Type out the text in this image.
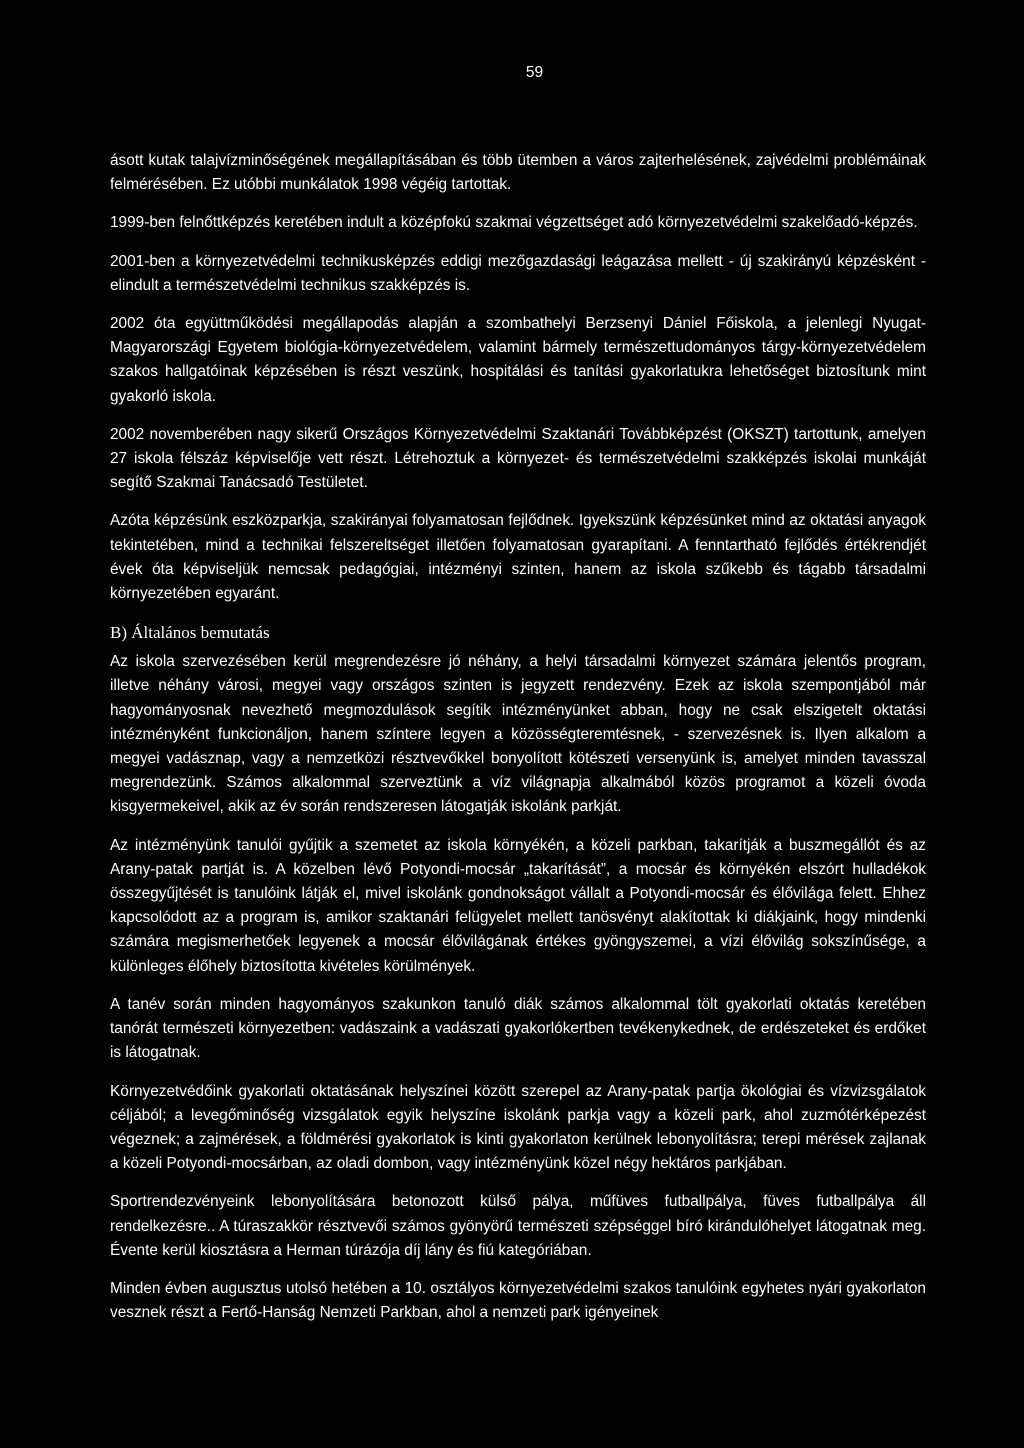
59

ásott kutak talajvízminőségének megállapításában és több ütemben a város zajterhelésének, zajvédelmi problémáinak felmérésében. Ez utóbbi munkálatok 1998 végéig tartottak.

1999-ben felnőttképzés keretében indult a középfokú szakmai végzettséget adó környezetvédelmi szakelőadó-képzés.

2001-ben a környezetvédelmi technikusképzés eddigi mezőgazdasági leágazása mellett - új szakirányú képzésként - elindult a természetvédelmi technikus szakképzés is.

2002 óta együttműködési megállapodás alapján a szombathelyi Berzsenyi Dániel Főiskola, a jelenlegi Nyugat-Magyarországi Egyetem biológia-környezetvédelem, valamint bármely természettudományos tárgy-környezetvédelem szakos hallgatóinak képzésében is részt veszünk, hospitálási és tanítási gyakorlatukra lehetőséget biztosítunk mint gyakorló iskola.

2002 novemberében nagy sikerű Országos Környezetvédelmi Szaktanári Továbbképzést (OKSZT) tartottunk, amelyen 27 iskola félszáz képviselője vett részt. Létrehoztuk a környezet- és természetvédelmi szakképzés iskolai munkáját segítő Szakmai Tanácsadó Testületet.

Azóta képzésünk eszközparkja, szakirányai folyamatosan fejlődnek. Igyekszünk képzésünket mind az oktatási anyagok tekintetében, mind a technikai felszereltséget illetően folyamatosan gyarapítani. A fenntartható fejlődés értékrendjét évek óta képviseljük nemcsak pedagógiai, intézményi szinten, hanem az iskola szűkebb és tágabb társadalmi környezetében egyaránt.

B) Általános bemutatás

Az iskola szervezésében kerül megrendezésre jó néhány, a helyi társadalmi környezet számára jelentős program, illetve néhány városi, megyei vagy országos szinten is jegyzett rendezvény. Ezek az iskola szempontjából már hagyományosnak nevezhető megmozdulások segítik intézményünket abban, hogy ne csak elszigetelt oktatási intézményként funkcionáljon, hanem színtere legyen a közösségteremtésnek, - szervezésnek is. Ilyen alkalom a megyei vadásznap, vagy a nemzetközi résztvevőkkel bonyolított kötészeti versenyünk is, amelyet minden tavasszal megrendezünk. Számos alkalommal szerveztünk a víz világnapja alkalmából közös programot a közeli óvoda kisgyermekeivel, akik az év során rendszeresen látogatják iskolánk parkját.

Az intézményünk tanulói gyűjtik a szemetet az iskola környékén, a közeli parkban, takarítják a buszmegállót és az Arany-patak partját is. A közelben lévő Potyondi-mocsár „takarítását”, a mocsár és környékén elszórt hulladékok összegyűjtését is tanulóink látják el, mivel iskolánk gondnokságot vállalt a Potyondi-mocsár és élővilága felett. Ehhez kapcsolódott az a program is, amikor szaktanári felügyelet mellett tanösvényt alakítottak ki diákjaink, hogy mindenki számára megismerhetőek legyenek a mocsár élővilágának értékes gyöngyszemei, a vízi élővilág sokszínűsége, a különleges élőhely biztosította kivételes körülmények.

A tanév során minden hagyományos szakunkon tanuló diák számos alkalommal tölt gyakorlati oktatás keretében tanórát természeti környezetben: vadászaink a vadászati gyakorlókertben tevékenykednek, de erdészeteket és erdőket is látogatnak.

Környezetvédőink gyakorlati oktatásának helyszínei között szerepel az Arany-patak partja ökológiai és vízvizsgálatok céljából; a levegőminőség vizsgálatok egyik helyszíne iskolánk parkja vagy a közeli park, ahol zuzmótérképezést végeznek; a zajmérések, a földmérési gyakorlatok is kinti gyakorlaton kerülnek lebonyolításra; terepi mérések zajlanak a közeli Potyondi-mocsárban, az oladi dombon, vagy intézményünk közel négy hektáros parkjában.

Sportrendezvényeink lebonyolítására betonozott külső pálya, műfüves futballpálya, füves futballpálya áll rendelkezésre.. A túraszakkör résztvevői számos gyönyörű természeti szépséggel bíró kirándulóhelyet látogatnak meg. Évente kerül kiosztásra a Herman túrázója díj lány és fiú kategóriában.

Minden évben augusztus utolsó hetében a 10. osztályos környezetvédelmi szakos tanulóink egyhetes nyári gyakorlaton vesznek részt a Fertő-Hanság Nemzeti Parkban, ahol a nemzeti park igényeinek
